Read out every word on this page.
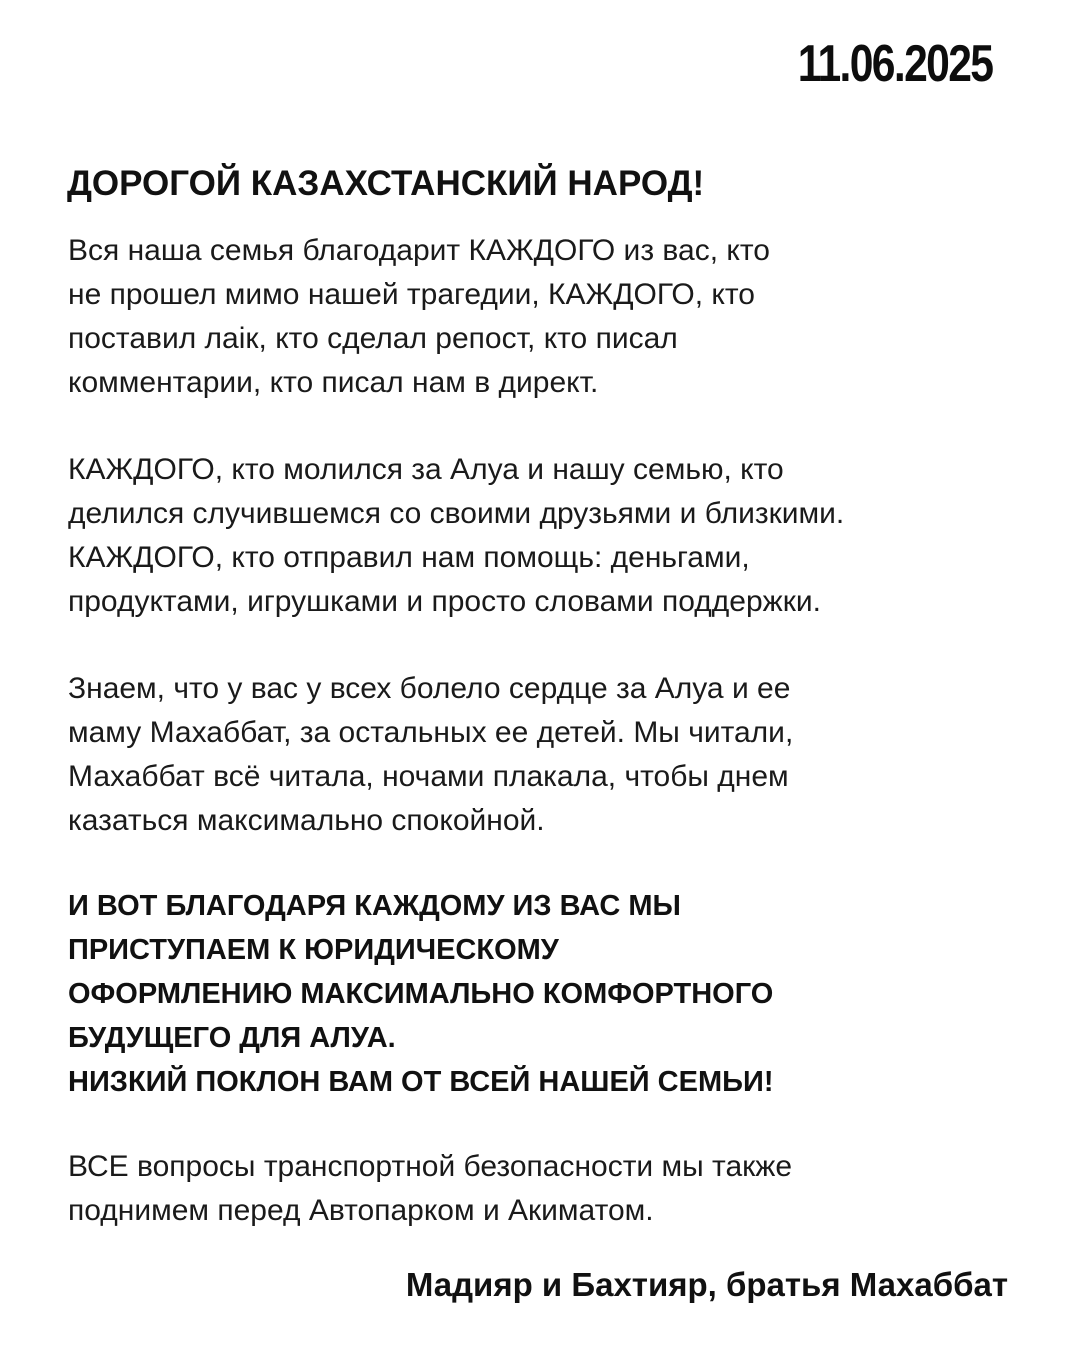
11.06.2025
ДОРОГОЙ КАЗАХСТАНСКИЙ НАРОД!

Вся наша семья благодарит КАЖДОГО из вас, кто
не прошел мимо нашей трагедии, КАЖДОГО, кто
поставил лаік, кто сделал репост, кто писал
комментарии, кто писал нам в директ.

КАЖДОГО, кто молился за Алуа и нашу семью, кто
делился случившемся со своими друзьями и близкими.
КАЖДОГО, кто отправил нам помощь: деньгами,
продуктами, игрушками и просто словами поддержки.

Знаем, что у вас у всех болело сердце за Алуа и ее
маму Махаббат, за остальных ее детей. Мы читали,
Махаббат всё читала, ночами плакала, чтобы днем
казаться максимально спокойной.

И ВОТ БЛАГОДАРЯ КАЖДОМУ ИЗ ВАС МЫ
ПРИСТУПАЕМ К ЮРИДИЧЕСКОМУ
ОФОРМЛЕНИЮ МАКСИМАЛЬНО КОМФОРТНОГО
БУДУЩЕГО ДЛЯ АЛУА.
НИЗКИЙ ПОКЛОН ВАМ ОТ ВСЕЙ НАШЕЙ СЕМЬИ!

ВСЕ вопросы транспортной безопасности мы также
поднимем перед Автопарком и Акиматом.

Мадияр и Бахтияр, братья Махаббат
